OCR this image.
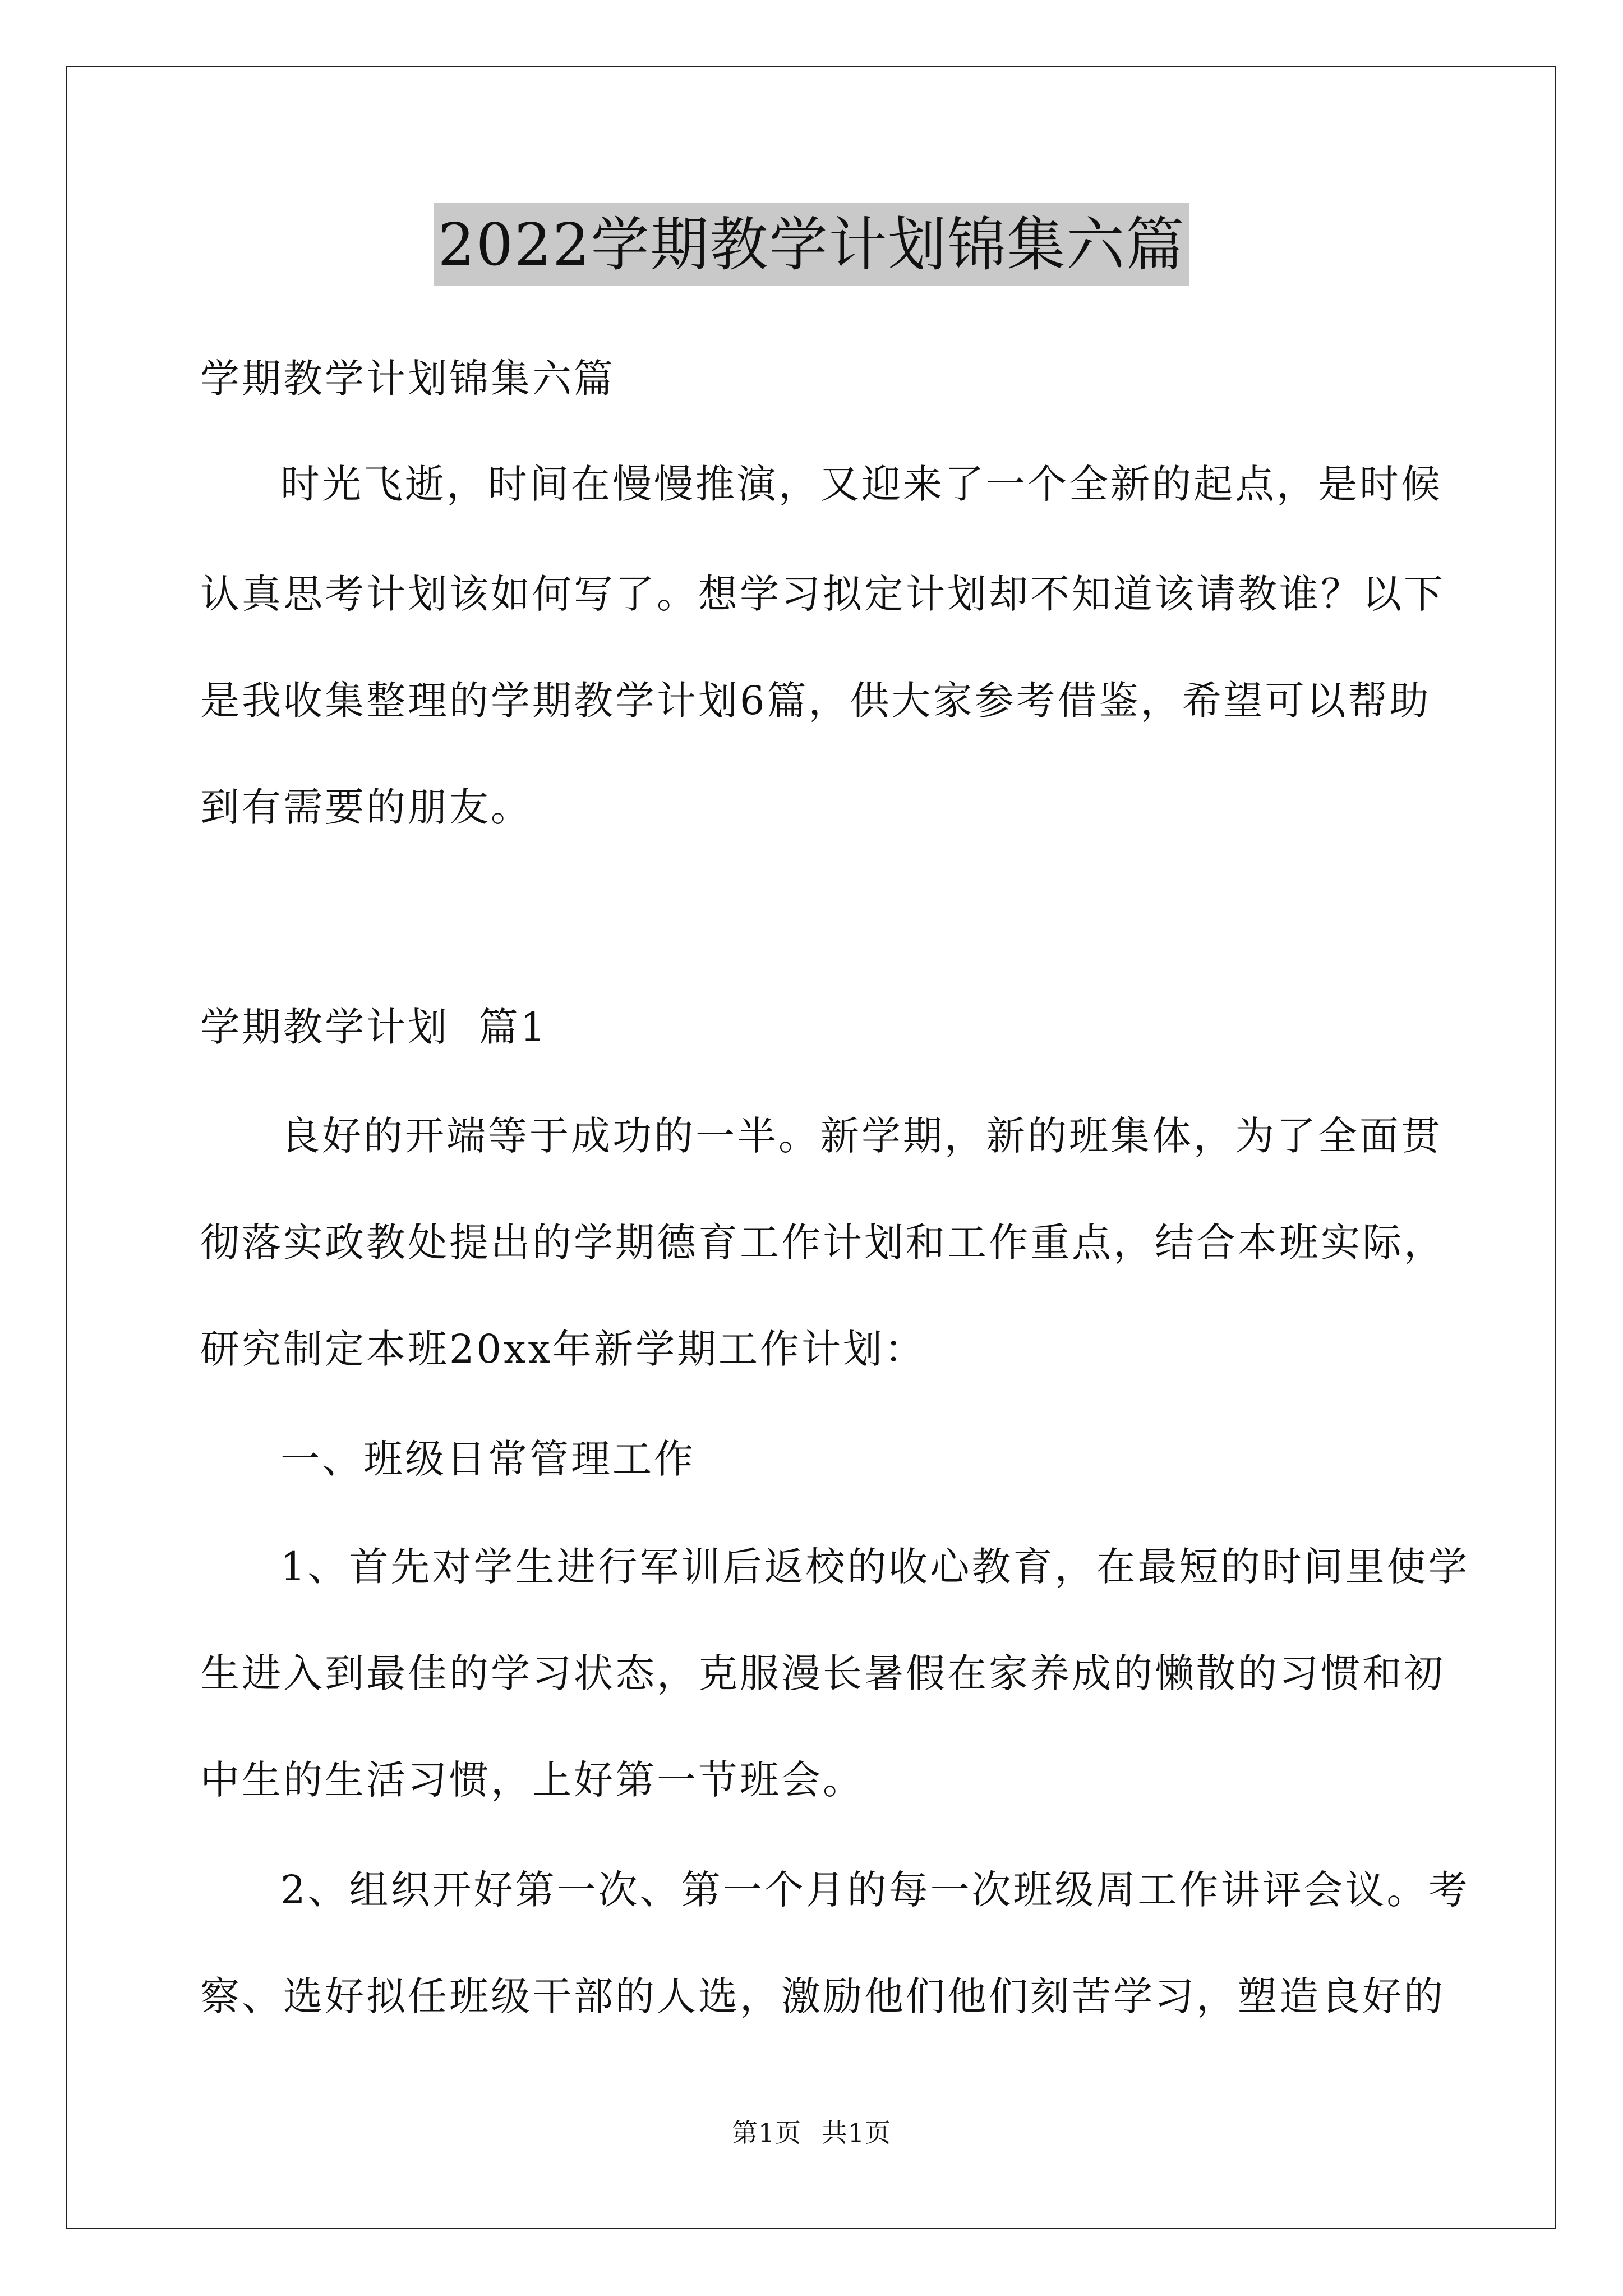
2022学期教学计划锦集六篇
学期教学计划锦集六篇
时光飞逝，时间在慢慢推演，又迎来了一个全新的起点，是时候
认真思考计划该如何写了。想学习拟定计划却不知道该请教谁？以下
是我收集整理的学期教学计划6篇，供大家参考借鉴，希望可以帮助
到有需要的朋友。
学期教学计划  篇1
良好的开端等于成功的一半。新学期，新的班集体，为了全面贯
彻落实政教处提出的学期德育工作计划和工作重点，结合本班实际，
研究制定本班20xx年新学期工作计划：
一、班级日常管理工作
1、首先对学生进行军训后返校的收心教育，在最短的时间里使学
生进入到最佳的学习状态，克服漫长暑假在家养成的懒散的习惯和初
中生的生活习惯，上好第一节班会。
2、组织开好第一次、第一个月的每一次班级周工作讲评会议。考
察、选好拟任班级干部的人选，激励他们他们刻苦学习，塑造良好的
第1页 共1页
